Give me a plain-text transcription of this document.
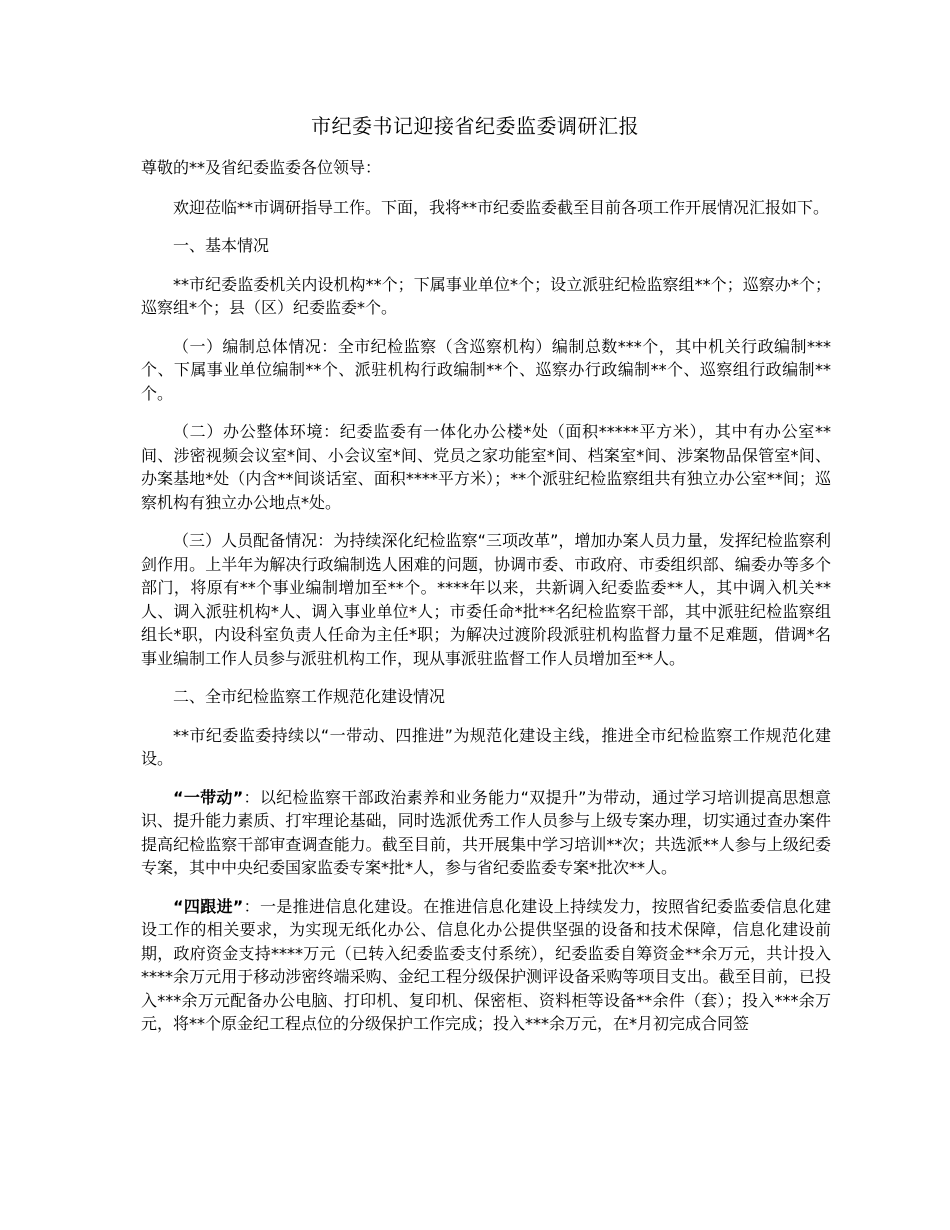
市纪委书记迎接省纪委监委调研汇报

尊敬的**及省纪委监委各位领导：

欢迎莅临**市调研指导工作。下面，我将**市纪委监委截至目前各项工作开展情况汇报如下。

一、基本情况

**市纪委监委机关内设机构**个；下属事业单位*个；设立派驻纪检监察组**个；巡察办*个；巡察组*个；县（区）纪委监委*个。

（一）编制总体情况：全市纪检监察（含巡察机构）编制总数***个，其中机关行政编制***个、下属事业单位编制**个、派驻机构行政编制**个、巡察办行政编制**个、巡察组行政编制**个。

（二）办公整体环境：纪委监委有一体化办公楼*处（面积*****平方米），其中有办公室**间、涉密视频会议室*间、小会议室*间、党员之家功能室*间、档案室*间、涉案物品保管室*间、办案基地*处（内含**间谈话室、面积****平方米）；**个派驻纪检监察组共有独立办公室**间；巡察机构有独立办公地点*处。

（三）人员配备情况：为持续深化纪检监察“三项改革”，增加办案人员力量，发挥纪检监察利剑作用。上半年为解决行政编制选人困难的问题，协调市委、市政府、市委组织部、编委办等多个部门，将原有**个事业编制增加至**个。****年以来，共新调入纪委监委**人，其中调入机关**人、调入派驻机构*人、调入事业单位*人；市委任命*批**名纪检监察干部，其中派驻纪检监察组组长*职，内设科室负责人任命为主任*职；为解决过渡阶段派驻机构监督力量不足难题，借调*名事业编制工作人员参与派驻机构工作，现从事派驻监督工作人员增加至**人。

二、全市纪检监察工作规范化建设情况

**市纪委监委持续以“一带动、四推进”为规范化建设主线，推进全市纪检监察工作规范化建设。

“一带动”：以纪检监察干部政治素养和业务能力“双提升”为带动，通过学习培训提高思想意识、提升能力素质、打牢理论基础，同时选派优秀工作人员参与上级专案办理，切实通过查办案件提高纪检监察干部审查调查能力。截至目前，共开展集中学习培训**次；共选派**人参与上级纪委专案，其中中央纪委国家监委专案*批*人，参与省纪委监委专案*批次**人。

“四跟进”：一是推进信息化建设。在推进信息化建设上持续发力，按照省纪委监委信息化建设工作的相关要求，为实现无纸化办公、信息化办公提供坚强的设备和技术保障，信息化建设前期，政府资金支持****万元（已转入纪委监委支付系统），纪委监委自筹资金**余万元，共计投入****余万元用于移动涉密终端采购、金纪工程分级保护测评设备采购等项目支出。截至目前，已投入***余万元配备办公电脑、打印机、复印机、保密柜、资料柜等设备**余件（套）；投入***余万元，将**个原金纪工程点位的分级保护工作完成；投入***余万元，在*月初完成合同签
